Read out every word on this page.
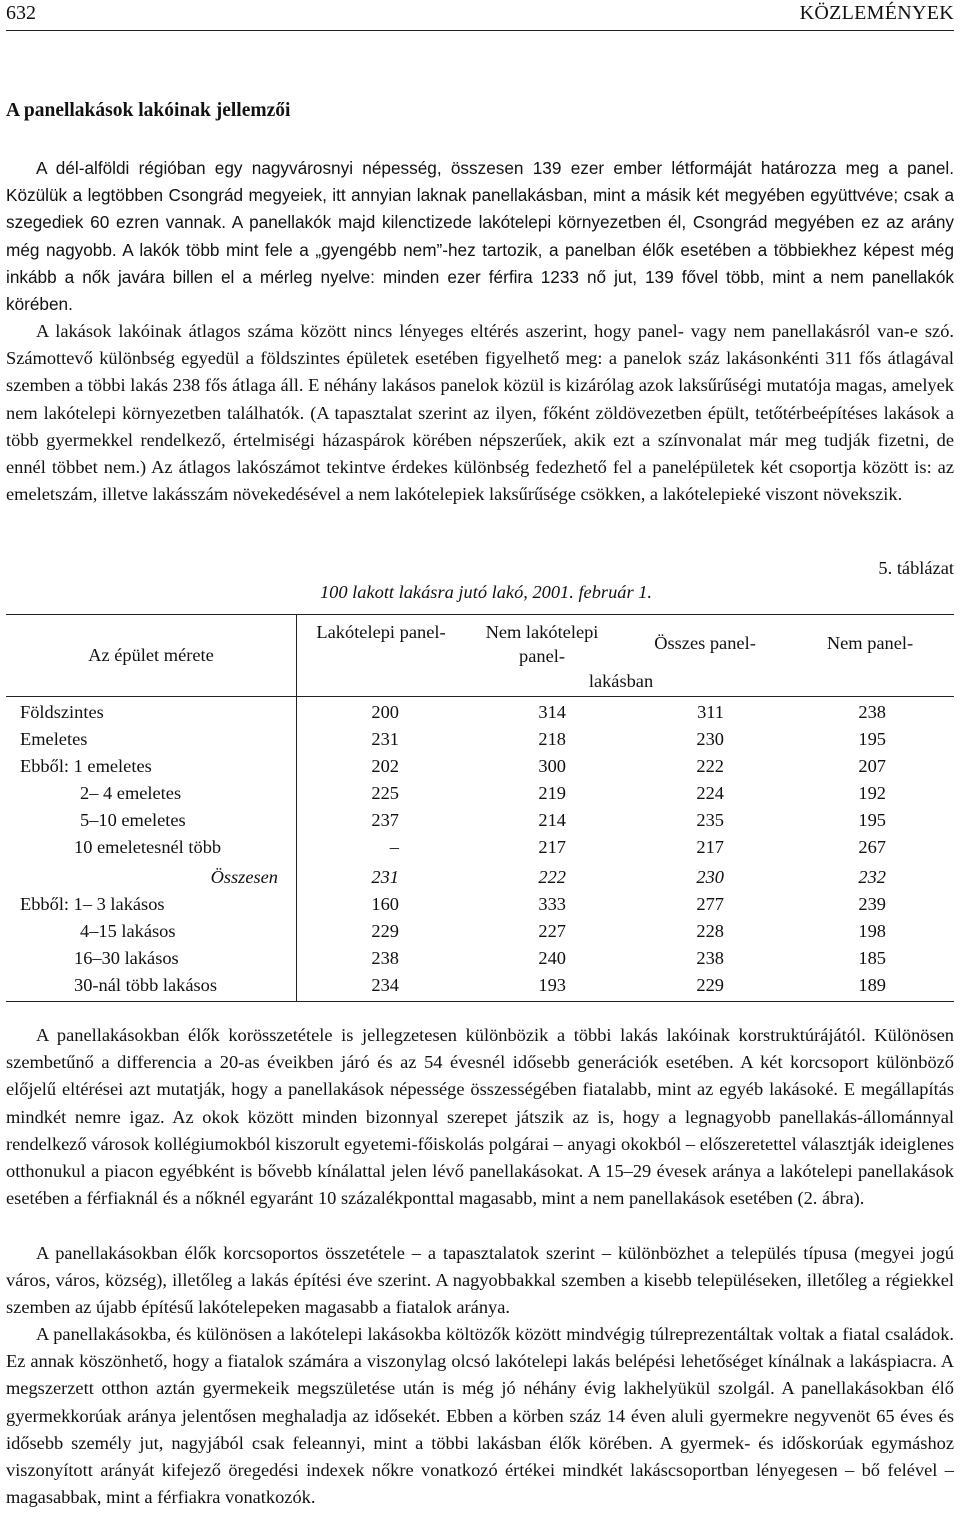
632	KÖZLEMÉNYEK
A panellakások lakóinak jellemzői
A dél-alföldi régióban egy nagyvárosnyi népesség, összesen 139 ezer ember létformáját határozza meg a panel. Közülük a legtöbben Csongrád megyeiek, itt annyian laknak panellakásban, mint a másik két megyében együttvéve; csak a szegediek 60 ezren vannak. A panellakók majd kilenctizede lakótelepi környezetben él, Csongrád megyében ez az arány még nagyobb. A lakók több mint fele a „gyengébb nem”-hez tartozik, a panelban élők esetében a többiekhez képest még inkább a nők javára billen el a mérleg nyelve: minden ezer férfira 1233 nő jut, 139 fővel több, mint a nem panellakók körében.

A lakások lakóinak átlagos száma között nincs lényeges eltérés aszerint, hogy panel- vagy nem panellakásról van-e szó. Számottevő különbség egyedül a földszintes épületek esetében figyelhető meg: a panelok száz lakásonkénti 311 fős átlagával szemben a többi lakás 238 fős átlaga áll. E néhány lakásos panelok közül is kizárólag azok laksűrűségi mutatója magas, amelyek nem lakótelepi környezetben találhatók. (A tapasztalat szerint az ilyen, főként zöldövezetben épült, tetőtérbeépítéses lakások a több gyermekkel rendelkező, értelmiségi házaspárok körében népszerűek, akik ezt a színvonalat már meg tudják fizetni, de ennél többet nem.) Az átlagos lakószámot tekintve érdekes különbség fedezhető fel a panelépületek két csoportja között is: az emeletszám, illetve lakásszám növekedésével a nem lakótelepiek laksűrűsége csökken, a lakótelepieké viszont növekszik.

5. táblázat
100 lakott lakásra jutó lakó, 2001. február 1.
Az épület mérete
Lakótelepi panel-	Nem lakótelepi panel-
Összes panel-	Nem panel-
lakásban
Földszintes	200	314	311	238
Emeletes	231	218	230	195
Ebből: 1 emeletes	202	300	222	207
2– 4 emeletes	225	219	224	192
5–10 emeletes	237	214	235	195
10 emeletesnél több	–	217	217	267
Összesen	231	222	230	232
Ebből: 1– 3 lakásos	160	333	277	239
4–15 lakásos	229	227	228	198
16–30 lakásos	238	240	238	185
30-nál több lakásos	234	193	229	189

A panellakásokban élők korösszetétele is jellegzetesen különbözik a többi lakás lakóinak korstruktúrájától. Különösen szembetűnő a differencia a 20-as éveikben járó és az 54 évesnél idősebb generációk esetében. A két korcsoport különböző előjelű eltérései azt mutatják, hogy a panellakások népessége összességében fiatalabb, mint az egyéb lakásoké. E megállapítás mindkét nemre igaz. Az okok között minden bizonnyal szerepet játszik az is, hogy a legnagyobb panellakás-állománnyal rendelkező városok kollégiumokból kiszorult egyetemi-főiskolás polgárai – anyagi okokból – előszeretettel választják ideiglenes otthonukul a piacon egyébként is bővebb kínálattal jelen lévő panellakásokat. A 15–29 évesek aránya a lakótelepi panellakások esetében a férfiaknál és a nőknél egyaránt 10 százalékponttal magasabb, mint a nem panellakások esetében (2. ábra).

A panellakásokban élők korcsoportos összetétele – a tapasztalatok szerint – különbözhet a település típusa (megyei jogú város, város, község), illetőleg a lakás építési éve szerint. A nagyobbakkal szemben a kisebb településeken, illetőleg a régiekkel szemben az újabb építésű lakótelepeken magasabb a fiatalok aránya.

A panellakásokba, és különösen a lakótelepi lakásokba költözők között mindvégig túlreprezentáltak voltak a fiatal családok. Ez annak köszönhető, hogy a fiatalok számára a viszonylag olcsó lakótelepi lakás belépési lehetőséget kínálnak a lakáspiacra. A megszerzett otthon aztán gyermekeik megszületése után is még jó néhány évig lakhelyükül szolgál. A panellakásokban élő gyermekkorúak aránya jelentősen meghaladja az idősekét. Ebben a körben száz 14 éven aluli gyermekre negyvenöt 65 éves és idősebb személy jut, nagyjából csak feleannyi, mint a többi lakásban élők körében. A gyermek- és időskorúak egymáshoz viszonyított arányát kifejező öregedési indexek nőkre vonatkozó értékei mindkét lakáscsoportban lényegesen – bő felével – magasabbak, mint a férfiakra vonatkozók.
